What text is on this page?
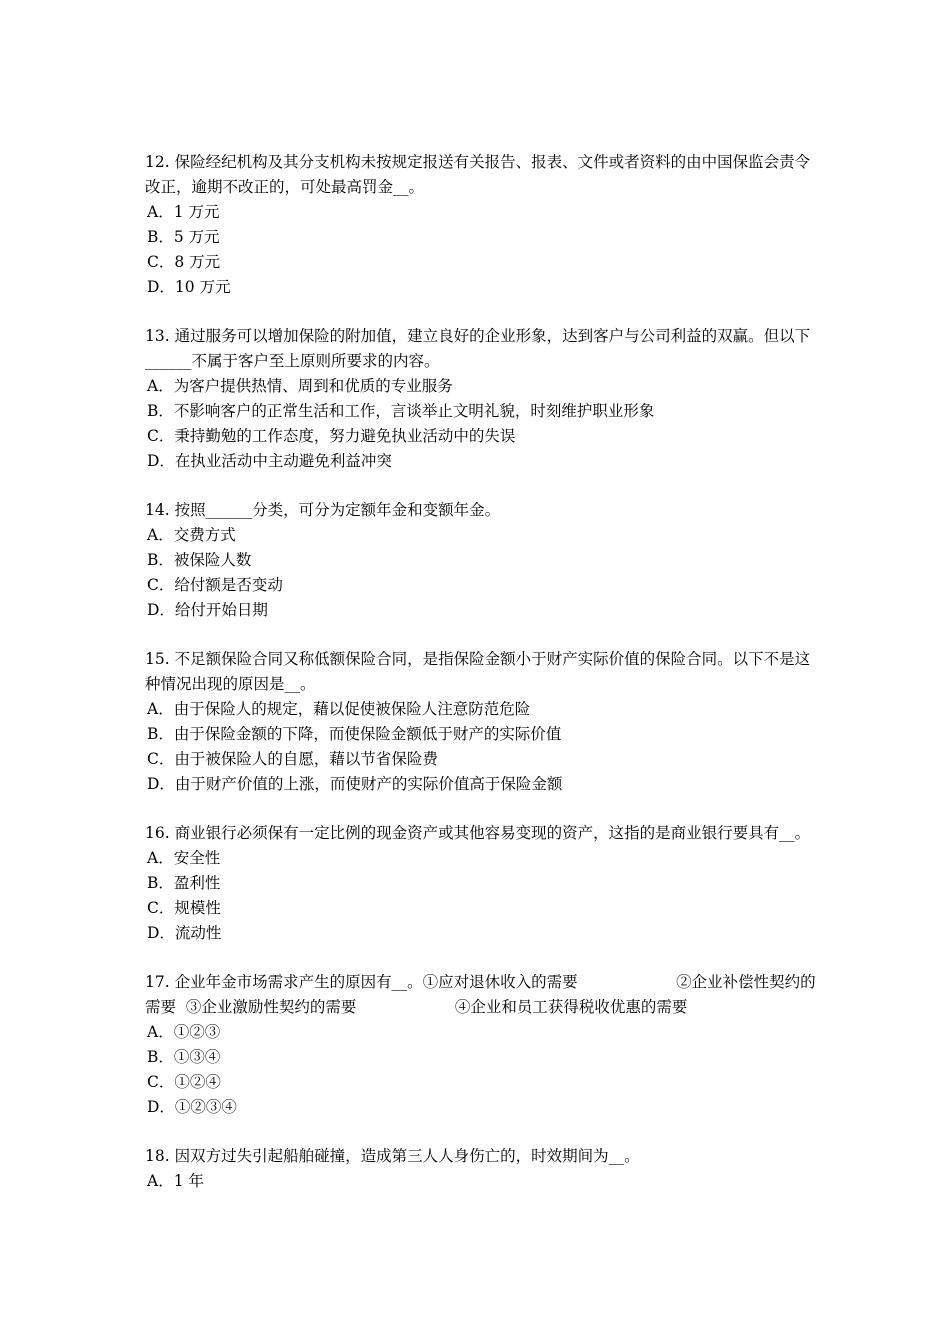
12. 保险经纪机构及其分支机构未按规定报送有关报告、报表、文件或者资料的由中国保监会责令改正，逾期不改正的，可处最高罚金__。

A．1 万元

B．5 万元

C．8 万元

D．10 万元

13. 通过服务可以增加保险的附加值，建立良好的企业形象，达到客户与公司利益的双赢。但以下______不属于客户至上原则所要求的内容。

A．为客户提供热情、周到和优质的专业服务

B．不影响客户的正常生活和工作，言谈举止文明礼貌，时刻维护职业形象

C．秉持勤勉的工作态度，努力避免执业活动中的失误

D．在执业活动中主动避免利益冲突

14. 按照______分类，可分为定额年金和变额年金。

A．交费方式

B．被保险人数

C．给付额是否变动

D．给付开始日期

15. 不足额保险合同又称低额保险合同，是指保险金额小于财产实际价值的保险合同。以下不是这种情况出现的原因是__。

A．由于保险人的规定，藉以促使被保险人注意防范危险

B．由于保险金额的下降，而使保险金额低于财产的实际价值

C．由于被保险人的自愿，藉以节省保险费

D．由于财产价值的上涨，而使财产的实际价值高于保险金额

16. 商业银行必须保有一定比例的现金资产或其他容易变现的资产，这指的是商业银行要具有__。

A．安全性

B．盈利性

C．规模性

D．流动性

17. 企业年金市场需求产生的原因有__。①应对退休收入的需要                    ②企业补偿性契约的需要  ③企业激励性契约的需要                    ④企业和员工获得税收优惠的需要

A．①②③

B．①③④

C．①②④

D．①②③④

18. 因双方过失引起船舶碰撞，造成第三人人身伤亡的，时效期间为__。

A．1 年
